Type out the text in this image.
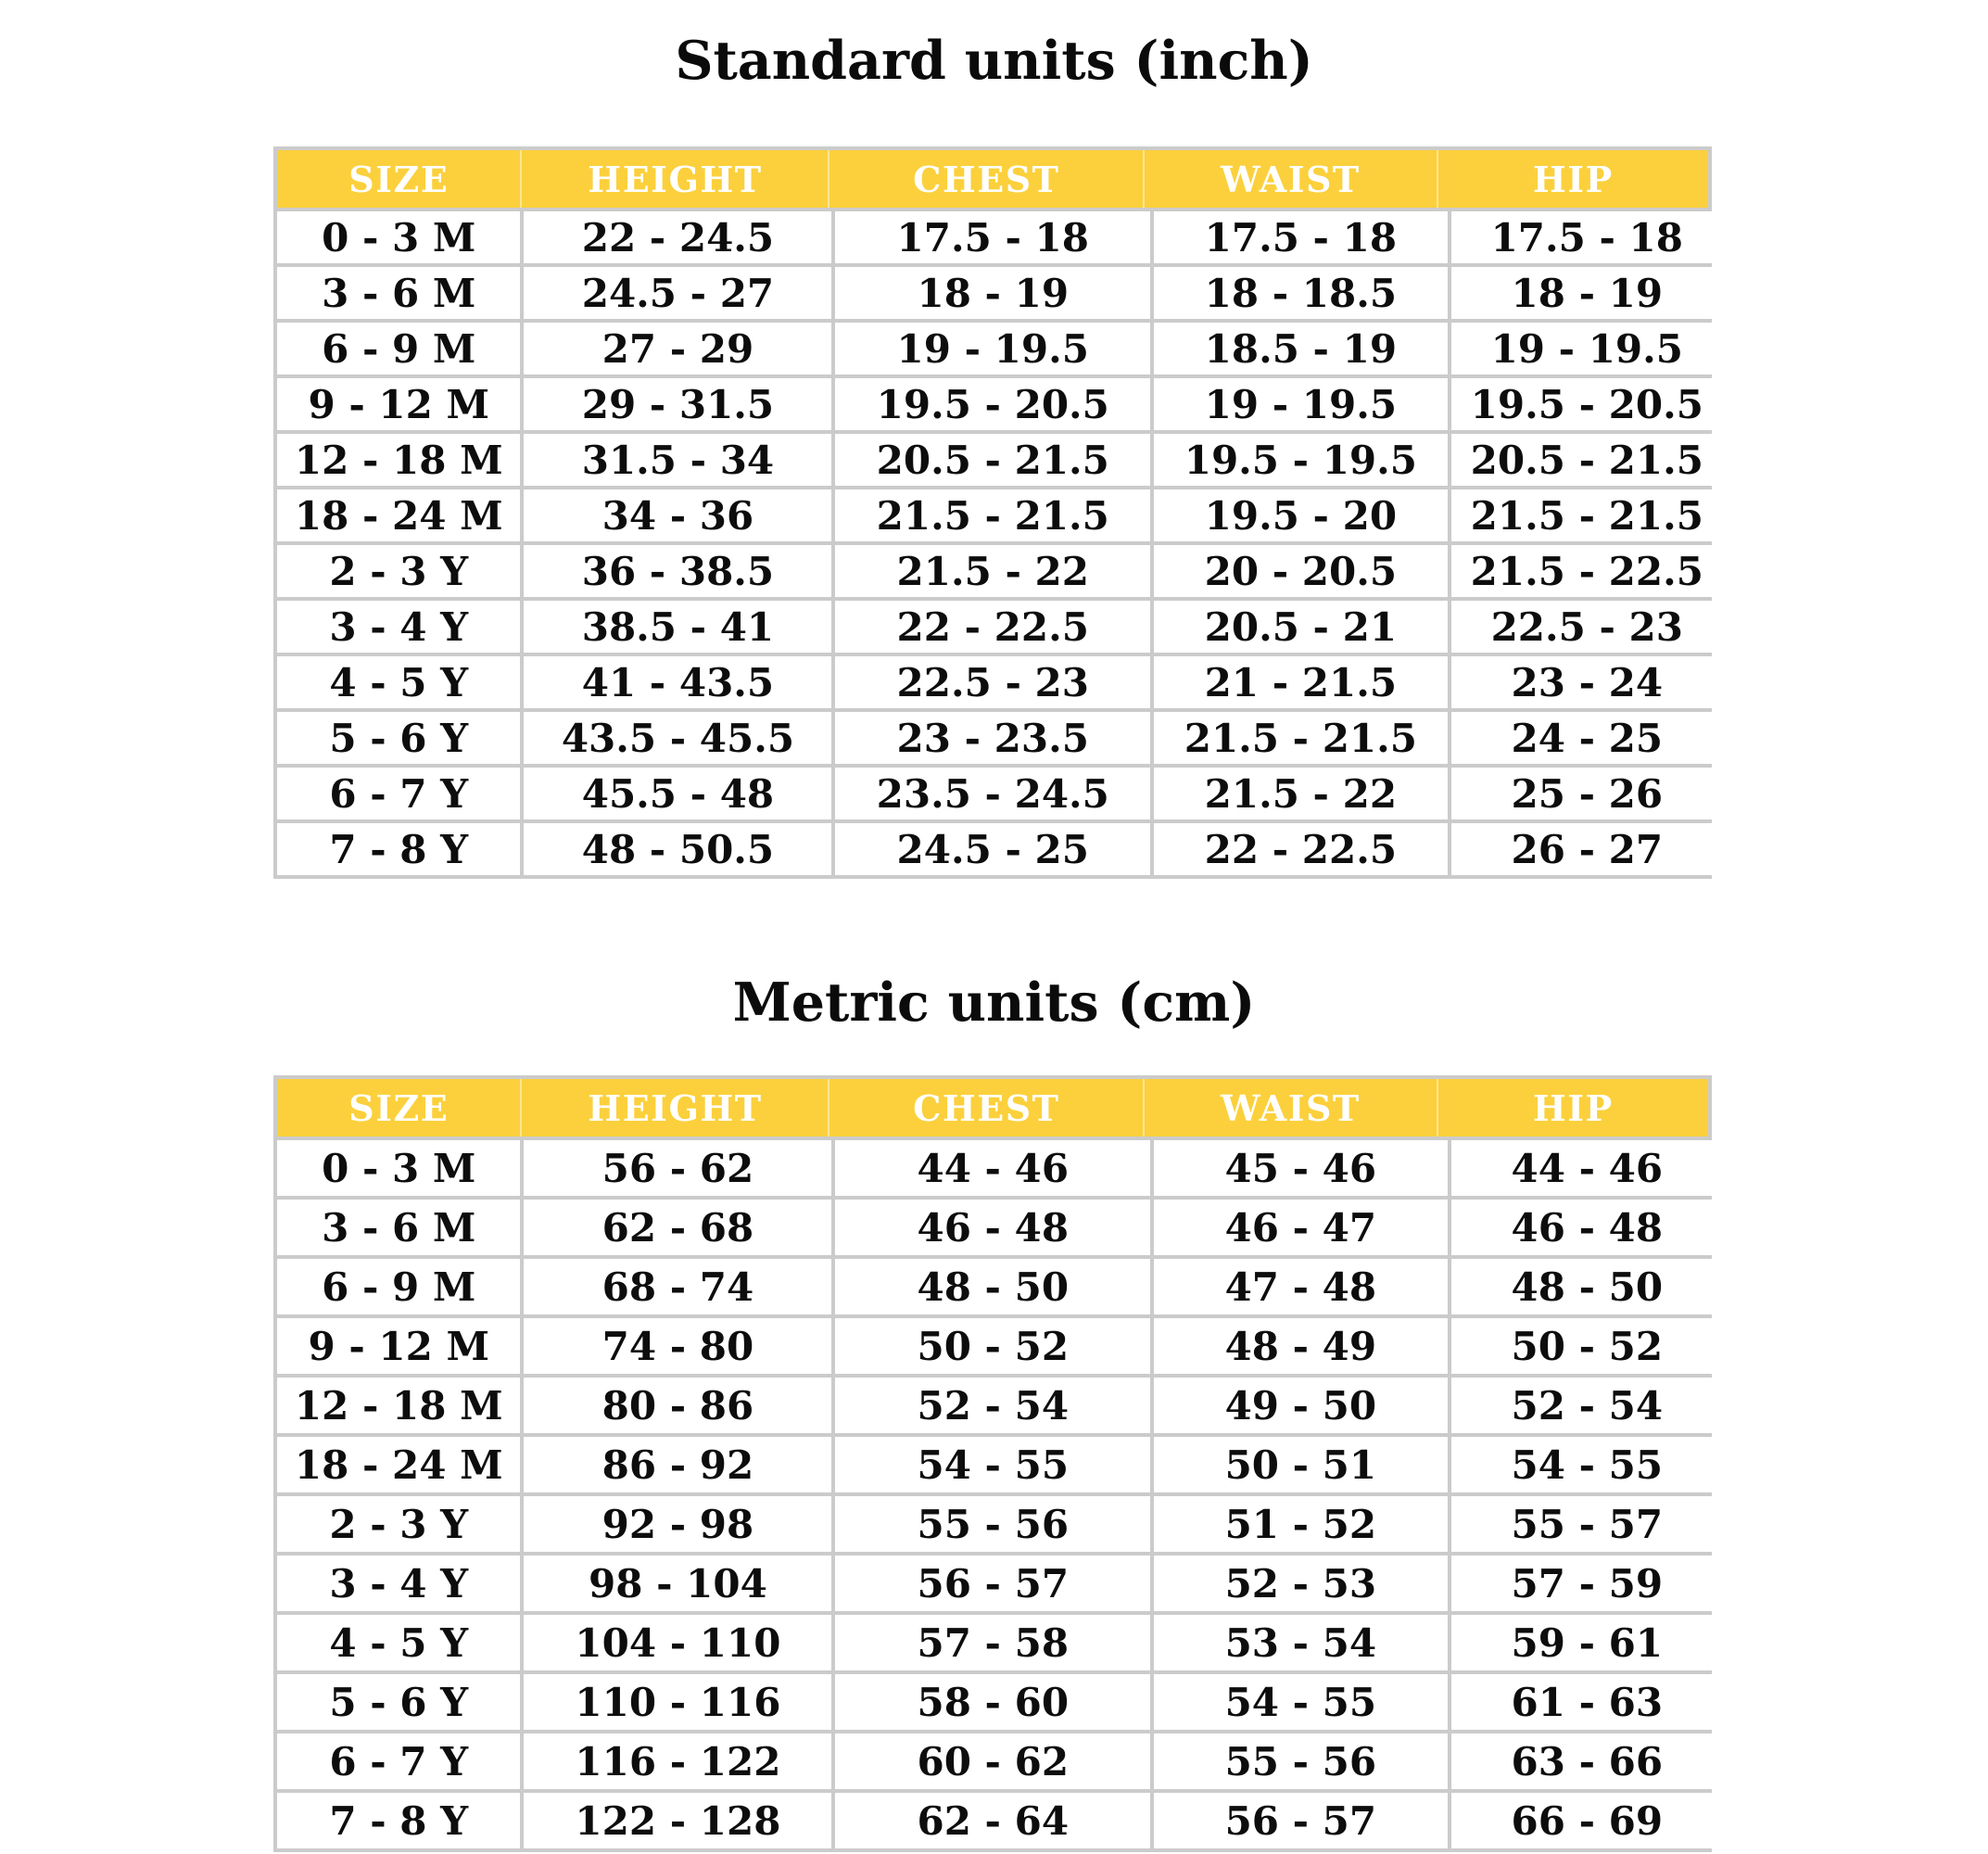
Standard units (inch)
SIZE	HEIGHT	CHEST	WAIST	HIP
0 - 3 M	22 - 24.5	17.5 - 18	17.5 - 18	17.5 - 18
3 - 6 M	24.5 - 27	18 - 19	18 - 18.5	18 - 19
6 - 9 M	27 - 29	19 - 19.5	18.5 - 19	19 - 19.5
9 - 12 M	29 - 31.5	19.5 - 20.5	19 - 19.5	19.5 - 20.5
12 - 18 M	31.5 - 34	20.5 - 21.5	19.5 - 19.5	20.5 - 21.5
18 - 24 M	34 - 36	21.5 - 21.5	19.5 - 20	21.5 - 21.5
2 - 3 Y	36 - 38.5	21.5 - 22	20 - 20.5	21.5 - 22.5
3 - 4 Y	38.5 - 41	22 - 22.5	20.5 - 21	22.5 - 23
4 - 5 Y	41 - 43.5	22.5 - 23	21 - 21.5	23 - 24
5 - 6 Y	43.5 - 45.5	23 - 23.5	21.5 - 21.5	24 - 25
6 - 7 Y	45.5 - 48	23.5 - 24.5	21.5 - 22	25 - 26
7 - 8 Y	48 - 50.5	24.5 - 25	22 - 22.5	26 - 27
Metric units (cm)
SIZE	HEIGHT	CHEST	WAIST	HIP
0 - 3 M	56 - 62	44 - 46	45 - 46	44 - 46
3 - 6 M	62 - 68	46 - 48	46 - 47	46 - 48
6 - 9 M	68 - 74	48 - 50	47 - 48	48 - 50
9 - 12 M	74 - 80	50 - 52	48 - 49	50 - 52
12 - 18 M	80 - 86	52 - 54	49 - 50	52 - 54
18 - 24 M	86 - 92	54 - 55	50 - 51	54 - 55
2 - 3 Y	92 - 98	55 - 56	51 - 52	55 - 57
3 - 4 Y	98 - 104	56 - 57	52 - 53	57 - 59
4 - 5 Y	104 - 110	57 - 58	53 - 54	59 - 61
5 - 6 Y	110 - 116	58 - 60	54 - 55	61 - 63
6 - 7 Y	116 - 122	60 - 62	55 - 56	63 - 66
7 - 8 Y	122 - 128	62 - 64	56 - 57	66 - 69
